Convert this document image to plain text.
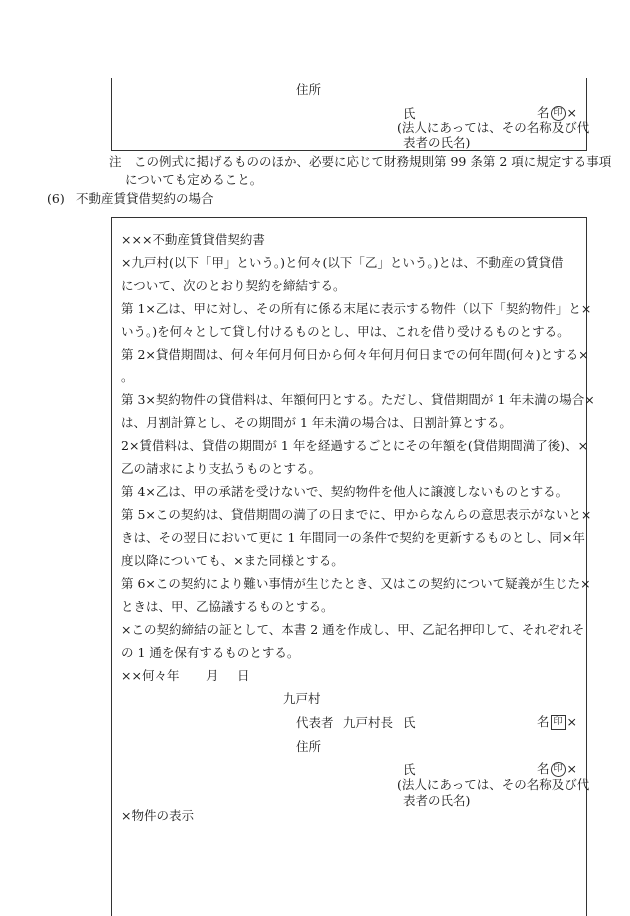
住所
氏	名 印 ×
(法人にあっては、その名称及び代
表者の氏名)
注 この例式に掲げるもののほか、必要に応じて財務規則第 99 条第 2 項に規定する事項
についても定めること。
(6) 不動産賃貸借契約の場合
×××不動産賃貸借契約書
×九戸村(以下「甲」という。)と何々(以下「乙」という。)とは、不動産の賃貸借
について、次のとおり契約を締結する。
第 1×乙は、甲に対し、その所有に係る末尾に表示する物件（以下「契約物件」と×
いう。)を何々として貸し付けるものとし、甲は、これを借り受けるものとする。
第 2×貸借期間は、何々年何月何日から何々年何月何日までの何年間(何々)とする×
。
第 3×契約物件の貸借料は、年額何円とする。ただし、貸借期間が 1 年未満の場合×
は、月割計算とし、その期間が 1 年未満の場合は、日割計算とする。
2×賃借料は、貸借の期間が 1 年を経過するごとにその年額を(貸借期間満了後)、×
乙の請求により支払うものとする。
第 4×乙は、甲の承諾を受けないで、契約物件を他人に譲渡しないものとする。
第 5×この契約は、貸借期間の満了の日までに、甲からなんらの意思表示がないと×
きは、その翌日において更に 1 年間同一の条件で契約を更新するものとし、同×年
度以降についても、×また同様とする。
第 6×この契約により難い事情が生じたとき、又はこの契約について疑義が生じた×
ときは、甲、乙協議するものとする。
×この契約締結の証として、本書 2 通を作成し、甲、乙記名押印して、それぞれそ
の 1 通を保有するものとする。
××何々年 月 日
九戸村
代表者 九戸村長 氏	名 印 ×
住所
氏	名 印 ×
(法人にあっては、その名称及び代
表者の氏名)
×物件の表示
